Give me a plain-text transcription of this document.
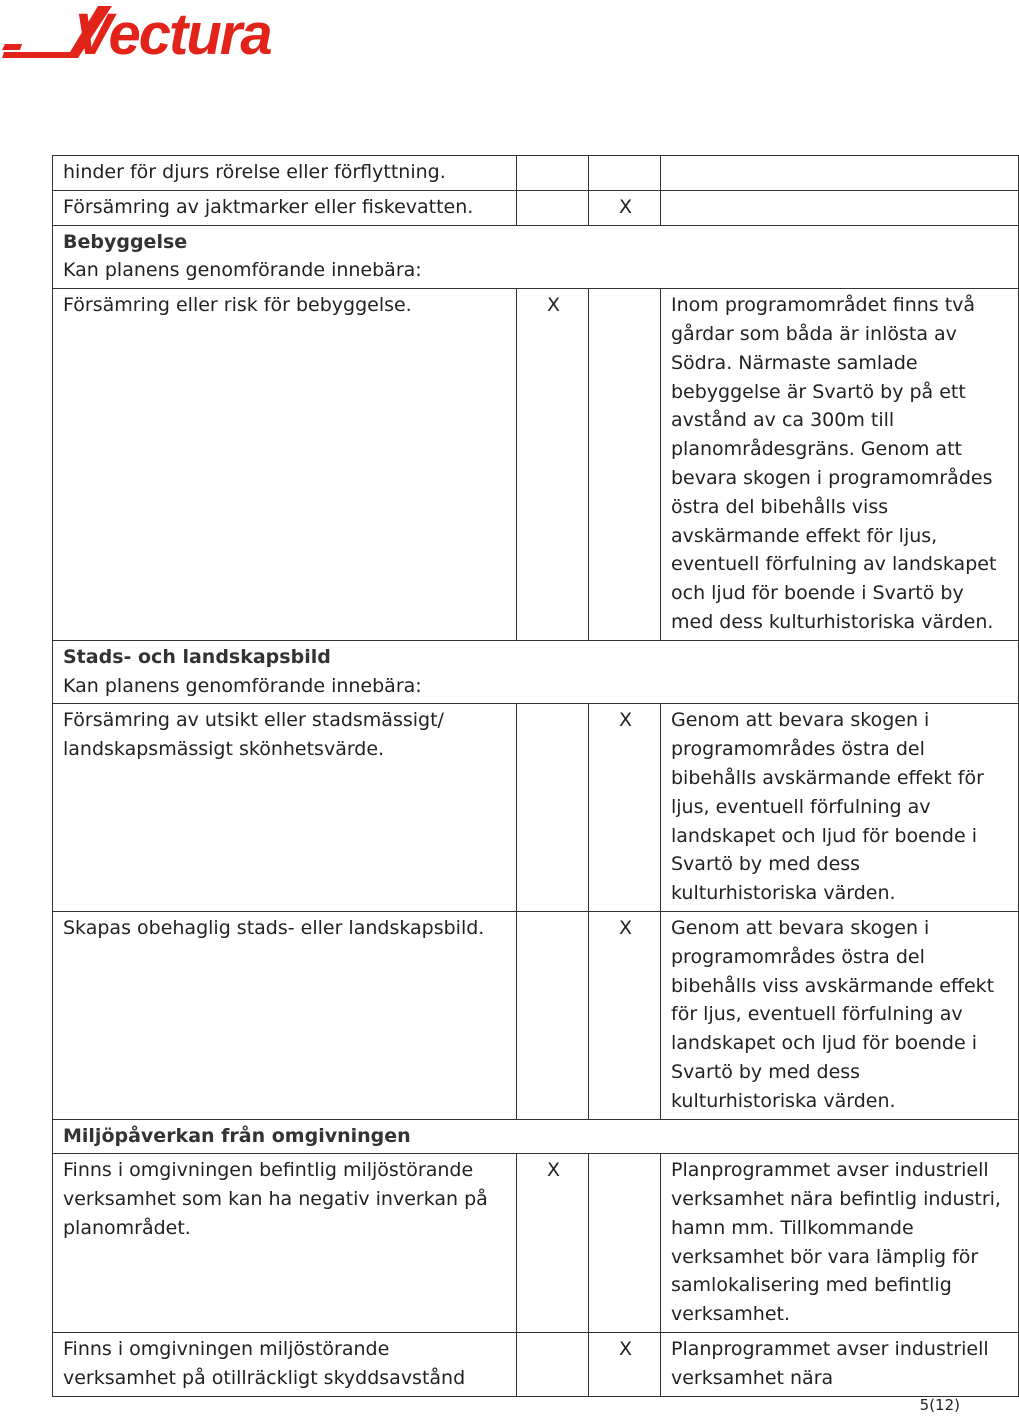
Vectura
hinder för djurs rörelse eller förflyttning.			
Försämring av jaktmarker eller fiskevatten.		X	

Bebyggelse
Kan planens genomförande innebära:			

Försämring eller risk för bebyggelse.	X		Inom programområdet finns två gårdar som båda är inlösta av Södra. Närmaste samlade bebyggelse är Svartö by på ett avstånd av ca 300m till planområdesgräns. Genom att bevara skogen i programområdes östra del bibehålls viss avskärmande effekt för ljus, eventuell förfulning av landskapet och ljud för boende i Svartö by med dess kulturhistoriska värden.

Stads- och landskapsbild
Kan planens genomförande innebära:			

Försämring av utsikt eller stadsmässigt/ landskapsmässigt skönhetsvärde.		X	Genom att bevara skogen i programområdes östra del bibehålls avskärmande effekt för ljus, eventuell förfulning av landskapet och ljud för boende i Svartö by med dess kulturhistoriska värden.
Skapas obehaglig stads- eller landskapsbild.		X	Genom att bevara skogen i programområdes östra del bibehålls viss avskärmande effekt för ljus, eventuell förfulning av landskapet och ljud för boende i Svartö by med dess kulturhistoriska värden.

Miljöpåverkan från omgivningen			

Finns i omgivningen befintlig miljöstörande verksamhet som kan ha negativ inverkan på planområdet.	X		Planprogrammet avser industriell verksamhet nära befintlig industri, hamn mm. Tillkommande verksamhet bör vara lämplig för samlokalisering med befintlig verksamhet.
Finns i omgivningen miljöstörande verksamhet på otillräckligt skyddsavstånd		X	Planprogrammet avser industriell verksamhet nära
5(12)
